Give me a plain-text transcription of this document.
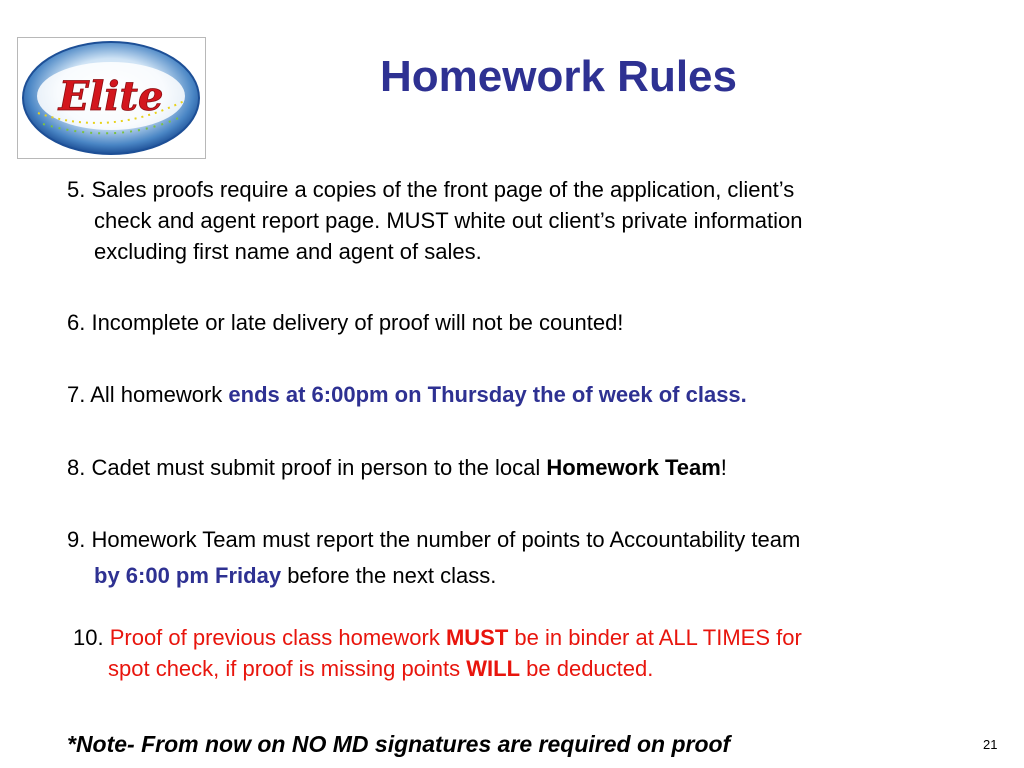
Elite	Homework Rules
5. Sales proofs require a copies of the front page of the application, client’s
check and agent report page. MUST white out client’s private information
excluding first name and agent of sales.
6. Incomplete or late delivery of proof will not be counted!
7. All homework ends at 6:00pm on Thursday the of week of class.
8. Cadet must submit proof in person to the local Homework Team!
9. Homework Team must report the number of points to Accountability team
by 6:00 pm Friday before the next class.
10. Proof of previous class homework MUST be in binder at ALL TIMES for
spot check, if proof is missing points WILL be deducted.
*Note- From now on NO MD signatures are required on proof	21
